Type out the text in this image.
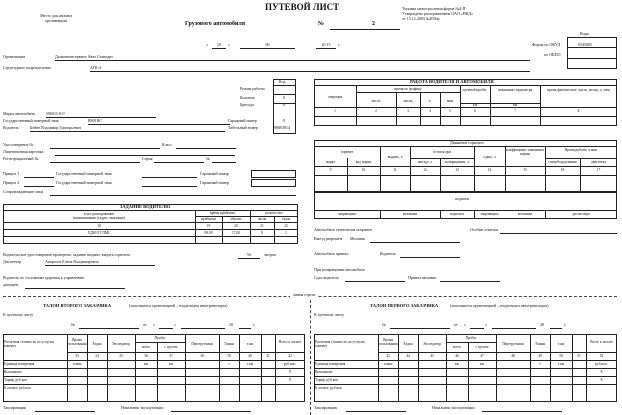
ПУТЕВОЙ ЛИСТ	Типовая межотраслевая форма №4-П
Утверждена распоряжением ОАО «РЖД»
от 15.12.2003 №2030р
Место для штампа организации
Грузового автомобиля	№	2
Коды
Форма по ОКУД	0345005
по ОКПО
«	29	»	06	20 15	г.
Организация	Дальнеконсервное Авто Стандарт
Структурное подразделение	АТК-4
Код
Режим работы
Колонна	0
Бригада	0
Марка автомобиля	596011-0-0
Государственный номерной знак	В901ВС	Гаражный номер	0
Водитель	Бейне Владимир Григорьевич	Табельный номер	98003814
Удостоверение №	Класс
Лицензионная карточка
Регистрационный №	Серия	№
Прицеп 1	Государственный номерной знак	Гаражный номер
Прицеп 2	Государственный номерной знак	Гаражный номер
Сопровождающие лица
РАБОТА ВОДИТЕЛЯ И АВТОМОБИЛЯ
операция
время по графику
число	месяц	ч.	мин
нулевой пробег	показания спидометра	время фактическое, число, месяц, ч, мин
км	км
1	2	3	4	5	6	7	8
Движение горючего
горючее
выдано, л
остаток при
сдано, л
коэффициент изменения нормы
Время работы, ч.мин
марка	код марки	выезде, л	возвращении, л	спецоборудования	двигателя
9	10	11	12	13	14	15	16	17
подписи
заправщика	механика	водителя	заправщика	механика	диспетчера
ЗАДАНИЕ ВОДИТЕЛЮ
в чье распоряжение
(наименование и адрес заказчика)
время прибытия
прибытие	убытие
количество
часов	ездок
18	19	20	21	22
ХДМ ОТ ПМС	08.00	17.00	9	1
Автомобиль технически исправен	Особые отметки
Выезд разрешен Механик
Автомобиль принял:	Водитель
При возвращении автомобиль
Сдал водитель	Принял механик
Водительское удостоверение проверено, задание выдано, выдать горючего	56	литров
Диспетчер	Апарасов Елена Владимировна
Водитель по состоянию здоровья к управлению
допущен
линия отреза
ТАЛОН ВТОРОГО ЗАКАЗЧИКА	(заполняется организацией – владельцем автотранспорта)
К путевому листу
№	от «	»	20	г.
Расчетная стоимость по услугам клиенту
Время пользования	Ездки	Экспедитор
Пробег
всего	с грузом
Перегрузчики	Тонны	т.км	Всего к оплате
33	34	35	36	37	38	39	40	41	42
Единица измерения	ч.мин	км	км	т	т.км	руб.коп.
Выполнено	X
Тариф, руб.коп	X
К оплате, руб.коп
Таксировщик	Начальник эксплуатации
ТАЛОН ПЕРВОГО ЗАКАЗЧИКА	(заполняется организацией – владельцем автотранспорта)
К путевому листу
№	от «	»	20	г.
Расчетная стоимость по услугам клиенту
Время пользования	Ездки	Экспедитор
Пробег
всего	с грузом
Перегрузчики	Тонны	т.км	Всего к оплате
43	44	45	46	47	48	49	50	51	52
Единица измерения	ч.мин	км	км	т	т.км	руб.коп.
Выполнено	X
Тариф, руб.коп	X
К оплате, руб.коп
Таксировщик	Начальник эксплуатации
